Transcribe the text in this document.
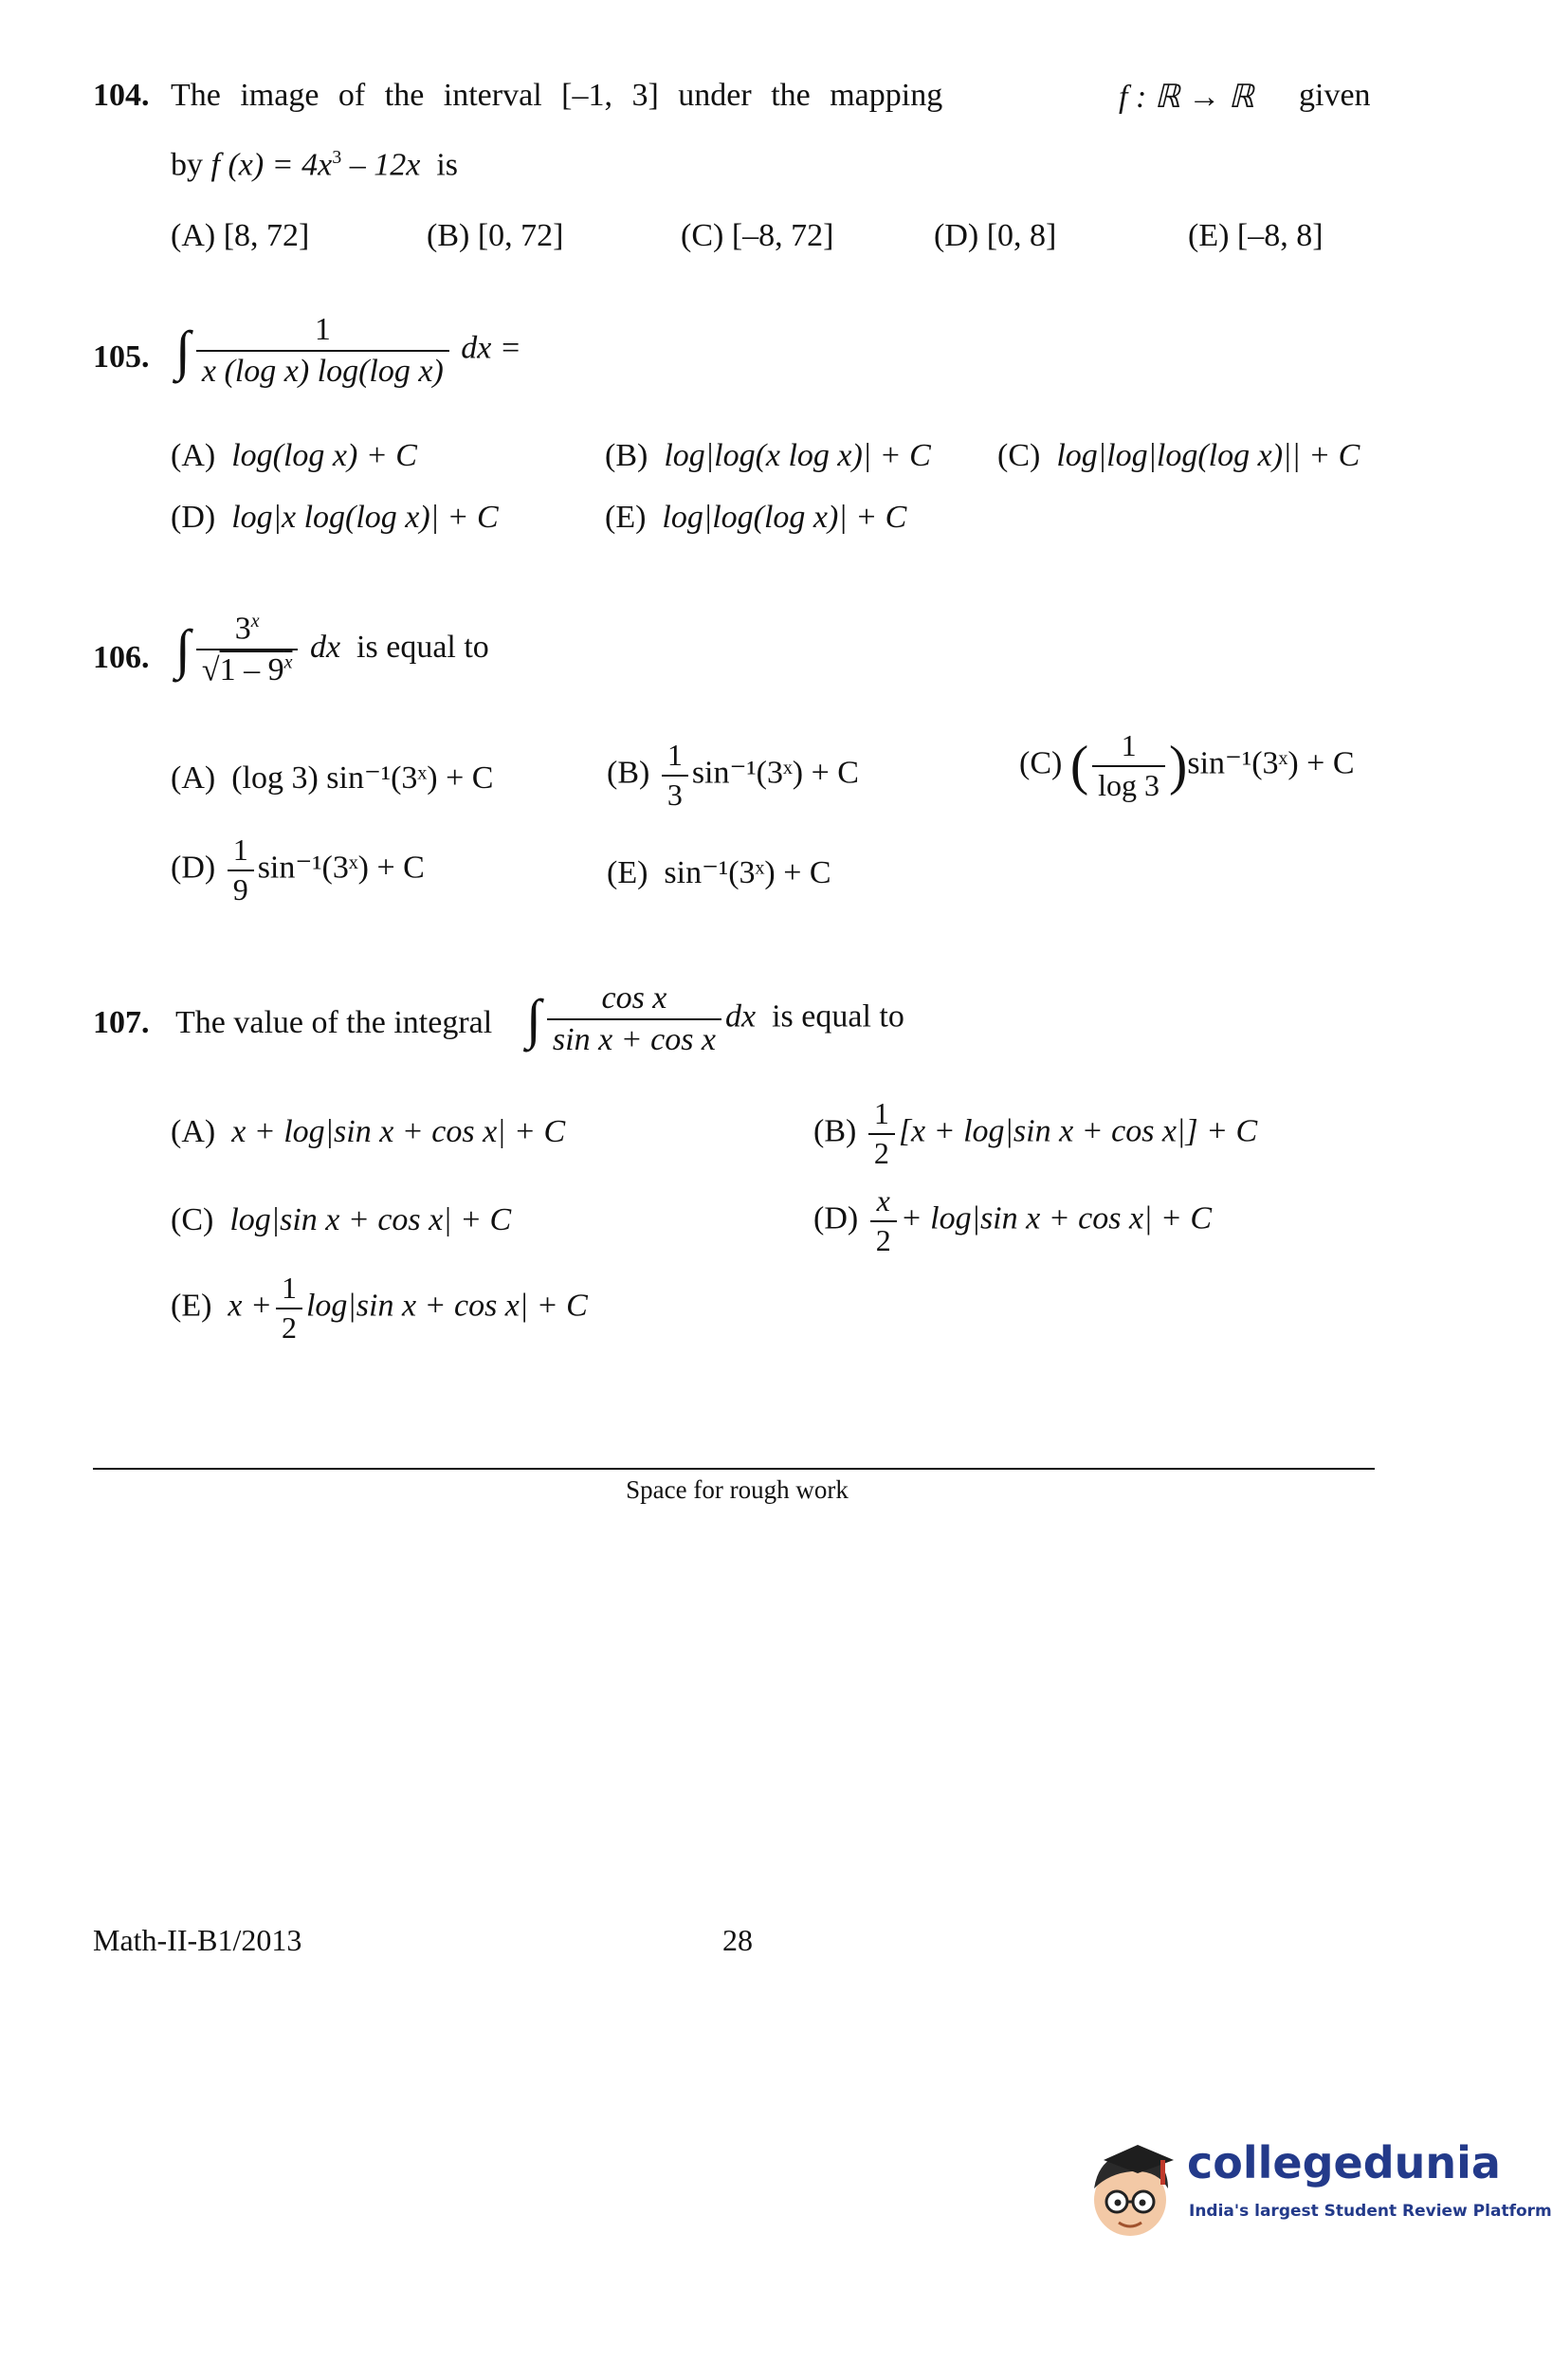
104. The image of the interval [–1, 3] under the mapping	f : ℝ → ℝ given
by f $(x) = 4x^3 - 12x$ is
(A) [8, 72]	(B) [0, 72]	(C) [–8, 72]	(D) [0, 8]	(E) [–8, 8]
105. ∫ $\frac{1}{\text{x (log x) log(log x)}}$ dx =
(A) log(log x) + C	(B) log|log(x log x)| + C (C) log|log|log(log x)|| + C
(D) log|x log(log x)| + C	(E) log|log(log x)| + C
106. ∫ $\frac{3^x}{√1 - 9^x}$ dx is equal to
(A) (log 3) sin⁻¹(3ˣ) + C	$(B) \frac{1}{3}$ sin⁻¹(3ˣ) + C	(C) ( $\frac{1}{\log 3}$ )sin⁻¹(3ˣ) + C
$(D) \frac{1}{9}$ sin⁻¹(3ˣ) + C	(E) sin⁻¹(3ˣ) + C
107. The value of the integral ∫ $\frac{\text{cos x}}{\text{sin x + cos x}}$ dx is equal to
(A) x + log|sin x + cos x| + C	$(B) \frac{1}{2} [x + \log|\sin$ x + cos x|] + C
(C) log|sin x + cos x| + C	$(D) \frac{x}{2} + \log|\sin$ x + cos x| + C
(E) $x + \frac{1}{2} \log|\sin$ x + cos x| + C
Space for rough work
Math-II-B1/2013	28
collegedunia
India's largest Student Review Platform
